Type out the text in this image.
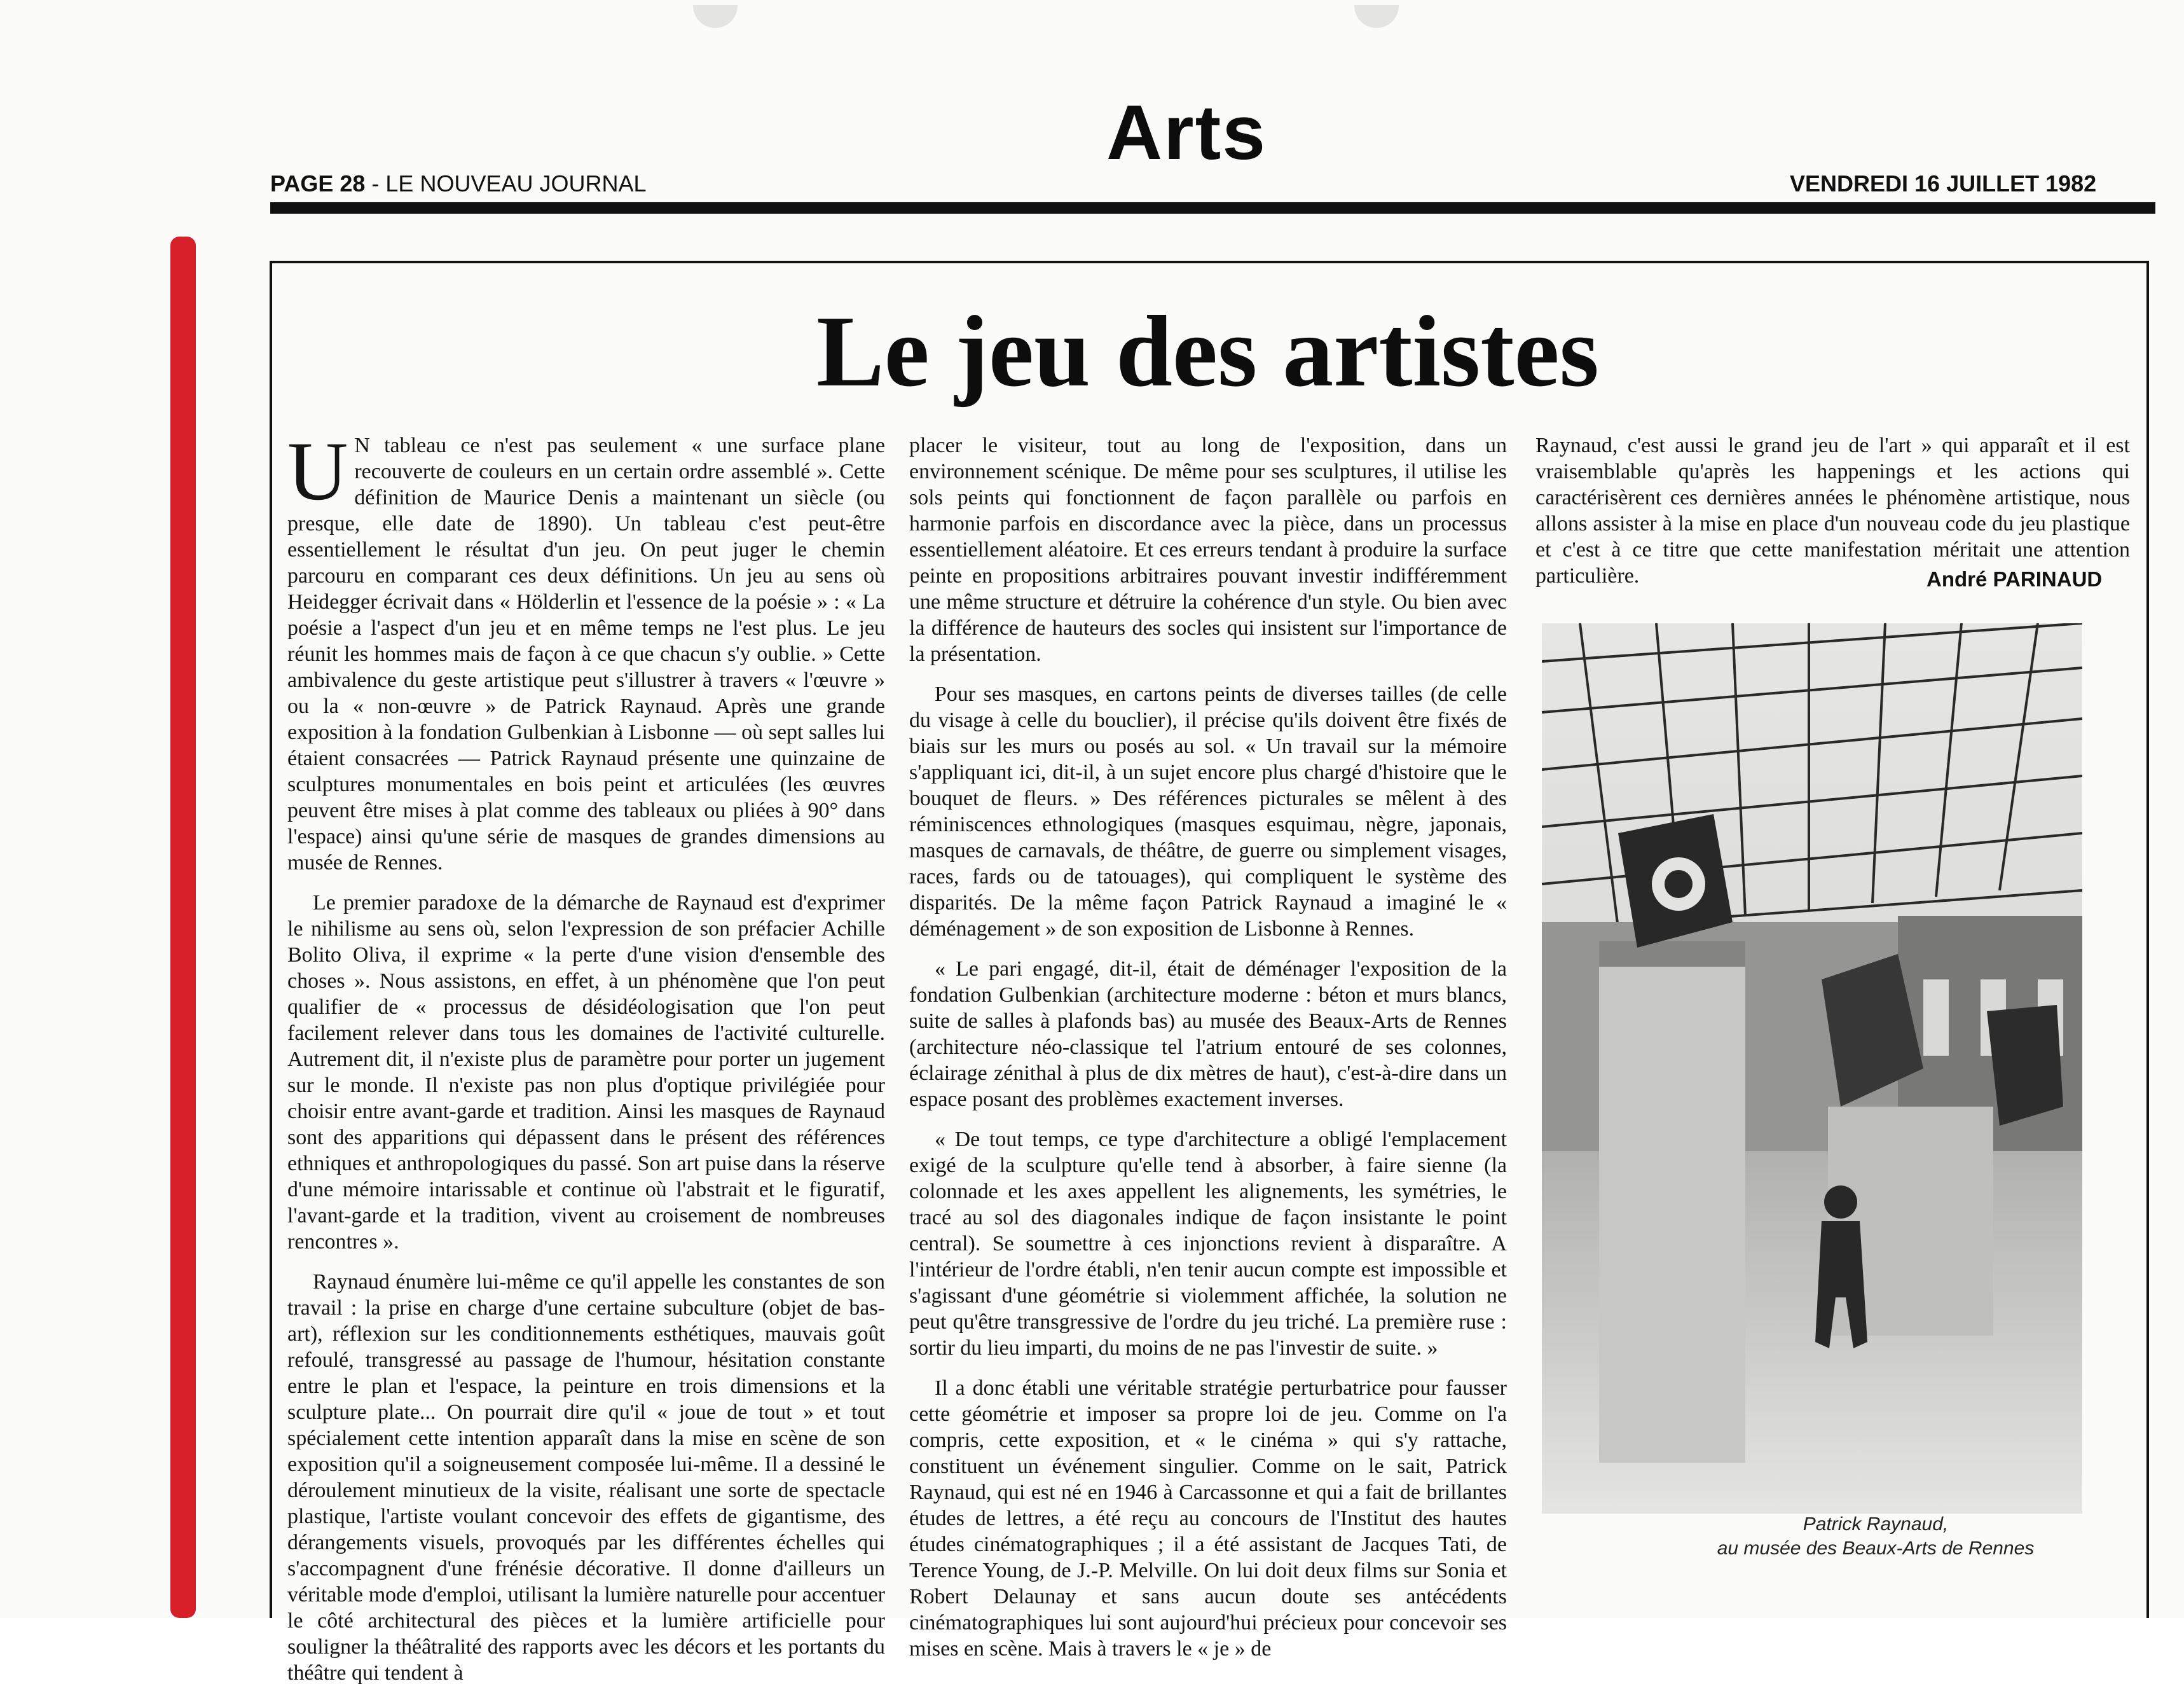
Arts
PAGE 28 - LE NOUVEAU JOURNAL	VENDREDI 16 JUILLET 1982
Le jeu des artistes

U N tableau ce n'est pas seulement « une surface plane recouverte de couleurs en un certain ordre assemblé ». Cette définition de Maurice Denis a maintenant un siècle (ou presque, elle date de 1890). Un tableau c'est peut-être essentiellement le résultat d'un jeu. On peut juger le chemin parcouru en comparant ces deux définitions. Un jeu au sens où Heidegger écrivait dans « Hölderlin et l'essence de la poésie » : « La poésie a l'aspect d'un jeu et en même temps ne l'est plus. Le jeu réunit les hommes mais de façon à ce que chacun s'y oublie. » Cette ambivalence du geste artistique peut s'illustrer à travers « l'œuvre » ou la « non-œuvre » de Patrick Raynaud. Après une grande exposition à la fondation Gulbenkian à Lisbonne — où sept salles lui étaient consacrées — Patrick Raynaud présente une quinzaine de sculptures monumentales en bois peint et articulées (les œuvres peuvent être mises à plat comme des tableaux ou pliées à 90° dans l'espace) ainsi qu'une série de masques de grandes dimensions au musée de Rennes.

Le premier paradoxe de la démarche de Raynaud est d'exprimer le nihilisme au sens où, selon l'expression de son préfacier Achille Bolito Oliva, il exprime « la perte d'une vision d'ensemble des choses ». Nous assistons, en effet, à un phénomène que l'on peut qualifier de « processus de désidéologisation que l'on peut facilement relever dans tous les domaines de l'activité culturelle. Autrement dit, il n'existe plus de paramètre pour porter un jugement sur le monde. Il n'existe pas non plus d'optique privilégiée pour choisir entre avant-garde et tradition. Ainsi les masques de Raynaud sont des apparitions qui dépassent dans le présent des références ethniques et anthropologiques du passé. Son art puise dans la réserve d'une mémoire intarissable et continue où l'abstrait et le figuratif, l'avant-garde et la tradition, vivent au croisement de nombreuses rencontres ».

Raynaud énumère lui-même ce qu'il appelle les constantes de son travail : la prise en charge d'une certaine subculture (objet de bas-art), réflexion sur les conditionnements esthétiques, mauvais goût refoulé, transgressé au passage de l'humour, hésitation constante entre le plan et l'espace, la peinture en trois dimensions et la sculpture plate... On pourrait dire qu'il « joue de tout » et tout spécialement cette intention apparaît dans la mise en scène de son exposition qu'il a soigneusement composée lui-même. Il a dessiné le déroulement minutieux de la visite, réalisant une sorte de spectacle plastique, l'artiste voulant concevoir des effets de gigantisme, des dérangements visuels, provoqués par les différentes échelles qui s'accompagnent d'une frénésie décorative. Il donne d'ailleurs un véritable mode d'emploi, utilisant la lumière naturelle pour accentuer le côté architectural des pièces et la lumière artificielle pour souligner la théâtralité des rapports avec les décors et les portants du théâtre qui tendent à

placer le visiteur, tout au long de l'exposition, dans un environnement scénique. De même pour ses sculptures, il utilise les sols peints qui fonctionnent de façon parallèle ou parfois en harmonie parfois en discordance avec la pièce, dans un processus essentiellement aléatoire. Et ces erreurs tendant à produire la surface peinte en propositions arbitraires pouvant investir indifféremment une même structure et détruire la cohérence d'un style. Ou bien avec la différence de hauteurs des socles qui insistent sur l'importance de la présentation.

Pour ses masques, en cartons peints de diverses tailles (de celle du visage à celle du bouclier), il précise qu'ils doivent être fixés de biais sur les murs ou posés au sol. « Un travail sur la mémoire s'appliquant ici, dit-il, à un sujet encore plus chargé d'histoire que le bouquet de fleurs. » Des références picturales se mêlent à des réminiscences ethnologiques (masques esquimau, nègre, japonais, masques de carnavals, de théâtre, de guerre ou simplement visages, races, fards ou de tatouages), qui compliquent le système des disparités. De la même façon Patrick Raynaud a imaginé le « déménagement » de son exposition de Lisbonne à Rennes.

« Le pari engagé, dit-il, était de déménager l'exposition de la fondation Gulbenkian (architecture moderne : béton et murs blancs, suite de salles à plafonds bas) au musée des Beaux-Arts de Rennes (architecture néo-classique tel l'atrium entouré de ses colonnes, éclairage zénithal à plus de dix mètres de haut), c'est-à-dire dans un espace posant des problèmes exactement inverses.

« De tout temps, ce type d'architecture a obligé l'emplacement exigé de la sculpture qu'elle tend à absorber, à faire sienne (la colonnade et les axes appellent les alignements, les symétries, le tracé au sol des diagonales indique de façon insistante le point central). Se soumettre à ces injonctions revient à disparaître. A l'intérieur de l'ordre établi, n'en tenir aucun compte est impossible et s'agissant d'une géométrie si violemment affichée, la solution ne peut qu'être transgressive de l'ordre du jeu triché. La première ruse : sortir du lieu imparti, du moins de ne pas l'investir de suite. »

Il a donc établi une véritable stratégie perturbatrice pour fausser cette géométrie et imposer sa propre loi de jeu. Comme on l'a compris, cette exposition, et « le cinéma » qui s'y rattache, constituent un événement singulier. Comme on le sait, Patrick Raynaud, qui est né en 1946 à Carcassonne et qui a fait de brillantes études de lettres, a été reçu au concours de l'Institut des hautes études cinématographiques ; il a été assistant de Jacques Tati, de Terence Young, de J.-P. Melville. On lui doit deux films sur Sonia et Robert Delaunay et sans aucun doute ses antécédents cinématographiques lui sont aujourd'hui précieux pour concevoir ses mises en scène. Mais à travers le « je » de

Raynaud, c'est aussi le grand jeu de l'art » qui apparaît et il est vraisemblable qu'après les happenings et les actions qui caractérisèrent ces dernières années le phénomène artistique, nous allons assister à la mise en place d'un nouveau code du jeu plastique et c'est à ce titre que cette manifestation méritait une attention particulière.	André PARINAUD
Patrick Raynaud,
au musée des Beaux-Arts de Rennes
